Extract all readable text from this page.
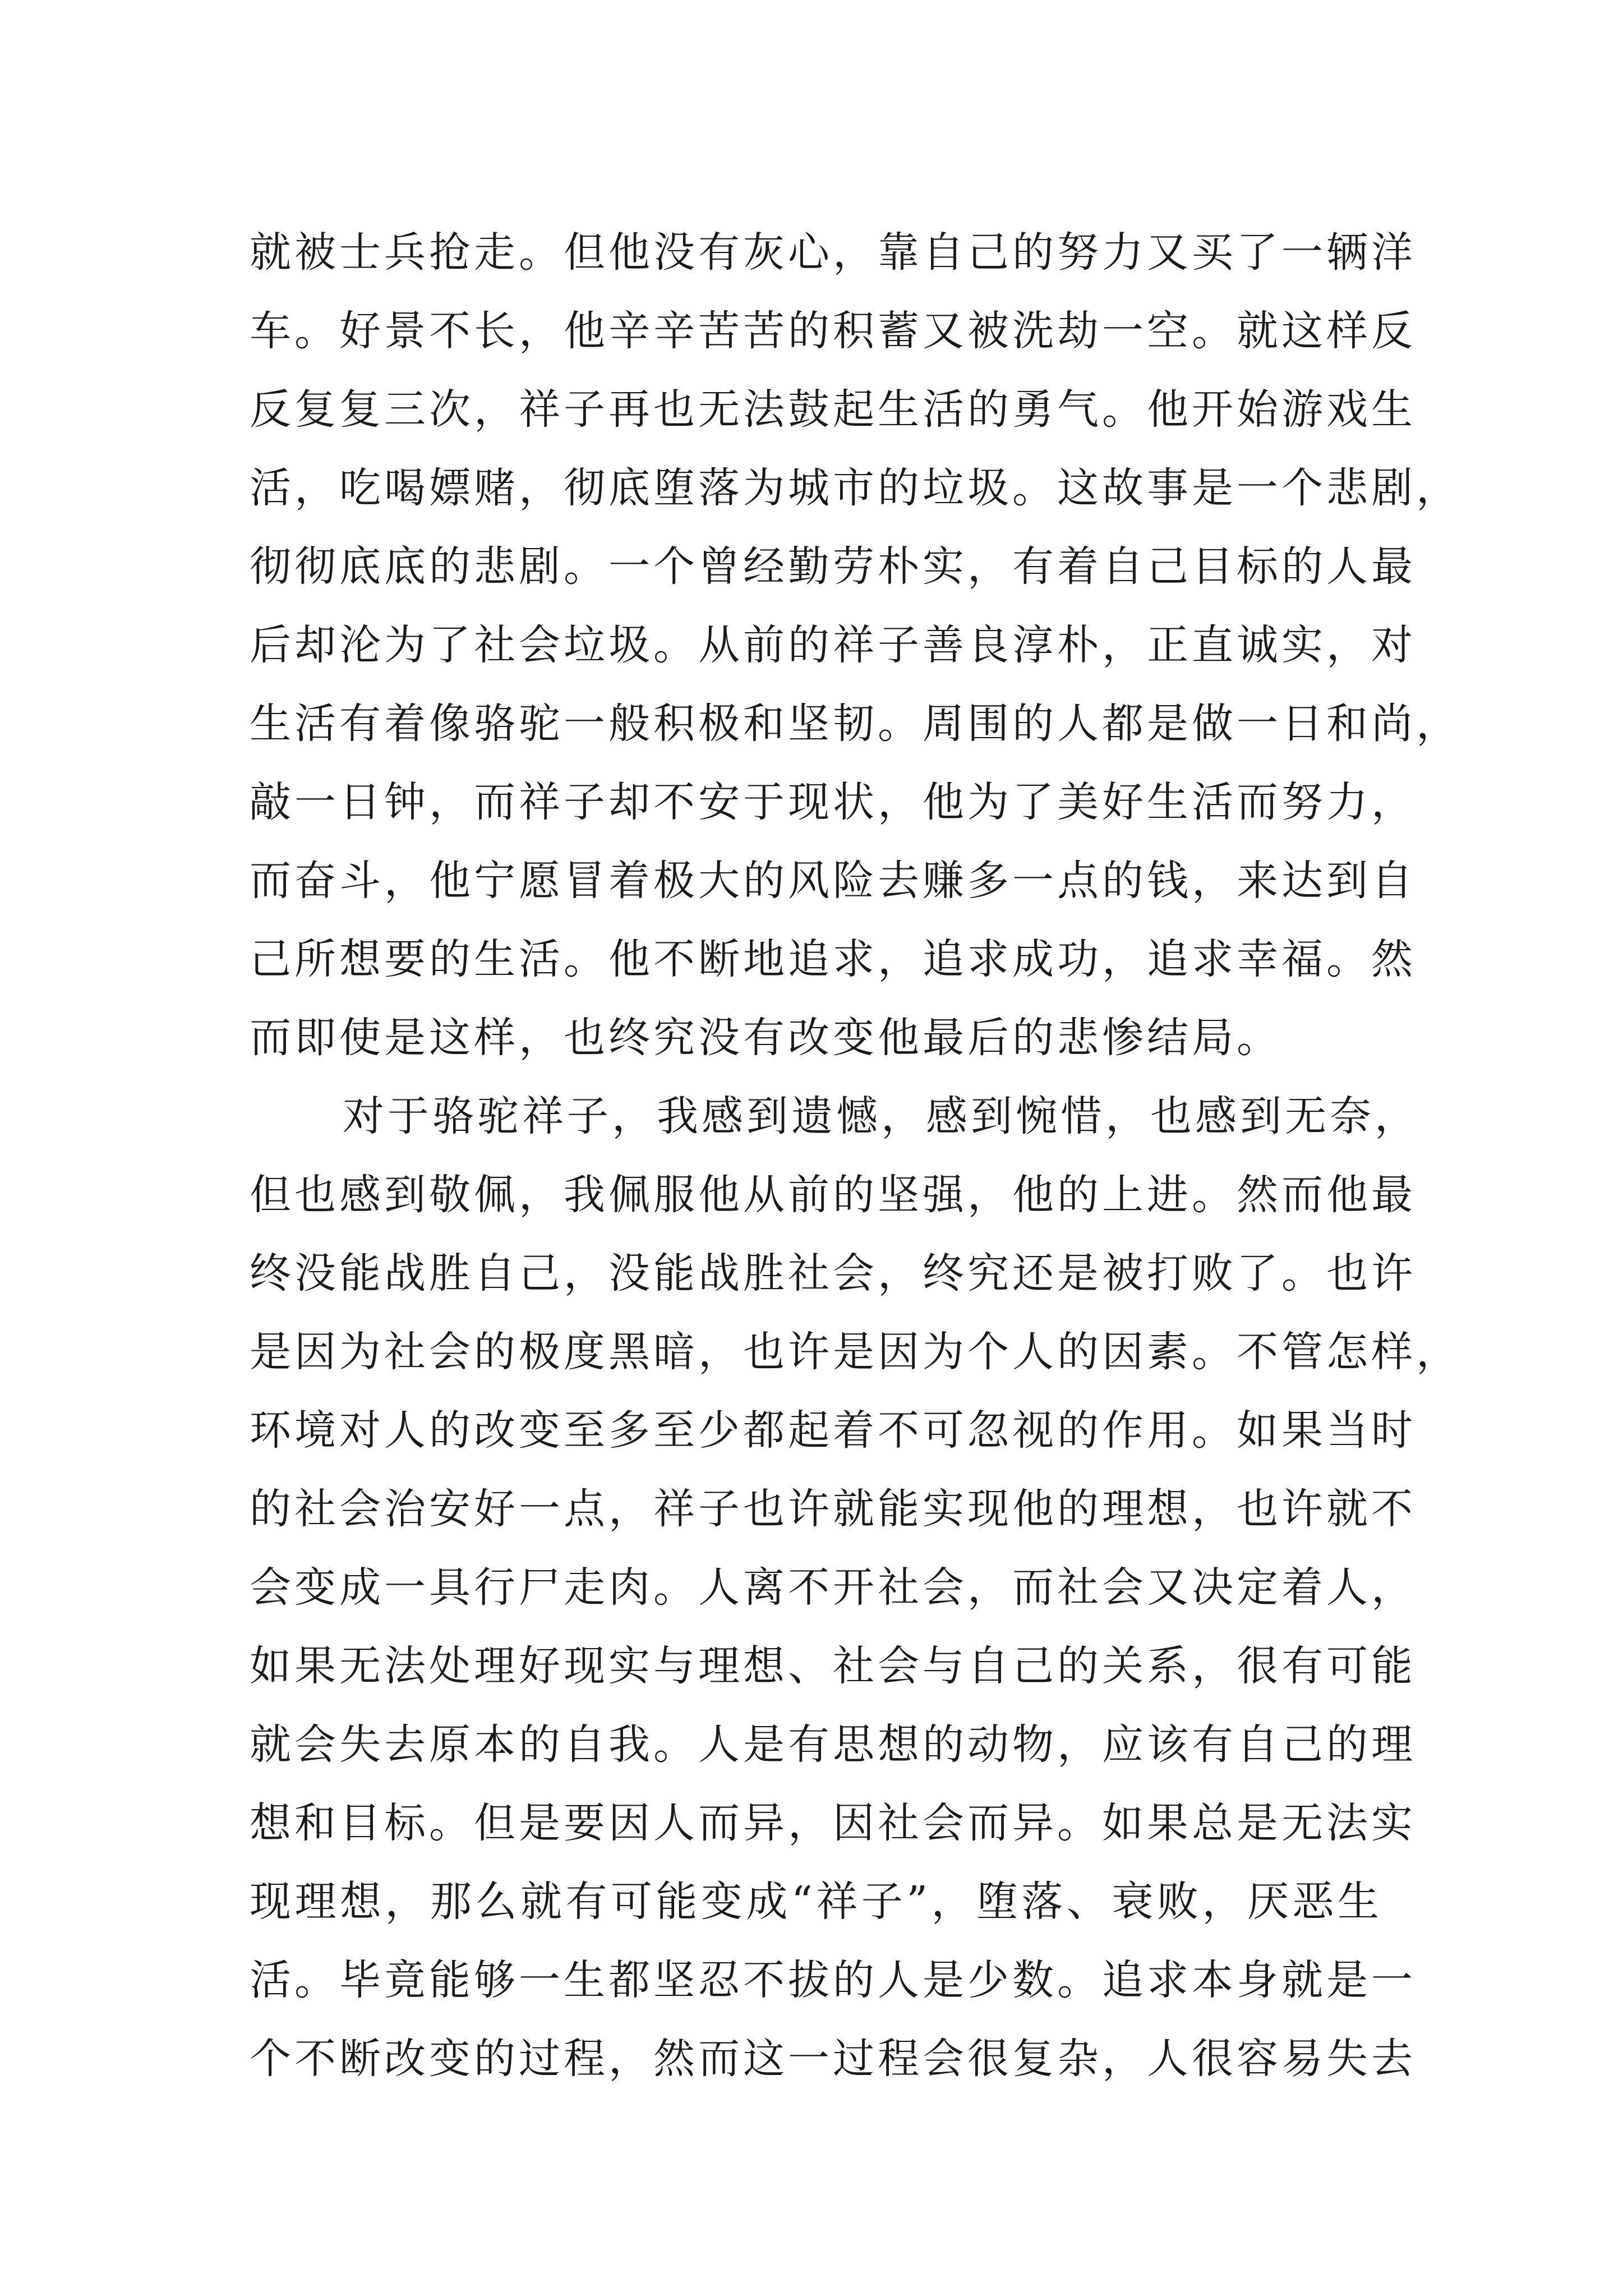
就被士兵抢走。但他没有灰心，靠自己的努力又买了一辆洋
车。好景不长，他辛辛苦苦的积蓄又被洗劫一空。就这样反
反复复三次，祥子再也无法鼓起生活的勇气。他开始游戏生
活，吃喝嫖赌，彻底堕落为城市的垃圾。这故事是一个悲剧，
彻彻底底的悲剧。一个曾经勤劳朴实，有着自己目标的人最
后却沦为了社会垃圾。从前的祥子善良淳朴，正直诚实，对
生活有着像骆驼一般积极和坚韧。周围的人都是做一日和尚，
敲一日钟，而祥子却不安于现状，他为了美好生活而努力，
而奋斗，他宁愿冒着极大的风险去赚多一点的钱，来达到自
己所想要的生活。他不断地追求，追求成功，追求幸福。然
而即使是这样，也终究没有改变他最后的悲惨结局。
对于骆驼祥子，我感到遗憾，感到惋惜，也感到无奈，
但也感到敬佩，我佩服他从前的坚强，他的上进。然而他最
终没能战胜自己，没能战胜社会，终究还是被打败了。也许
是因为社会的极度黑暗，也许是因为个人的因素。不管怎样，
环境对人的改变至多至少都起着不可忽视的作用。如果当时
的社会治安好一点，祥子也许就能实现他的理想，也许就不
会变成一具行尸走肉。人离不开社会，而社会又决定着人，
如果无法处理好现实与理想、社会与自己的关系，很有可能
就会失去原本的自我。人是有思想的动物，应该有自己的理
想和目标。但是要因人而异，因社会而异。如果总是无法实
现理想，那么就有可能变成“祥子”，堕落、衰败，厌恶生
活。毕竟能够一生都坚忍不拔的人是少数。追求本身就是一
个不断改变的过程，然而这一过程会很复杂，人很容易失去
